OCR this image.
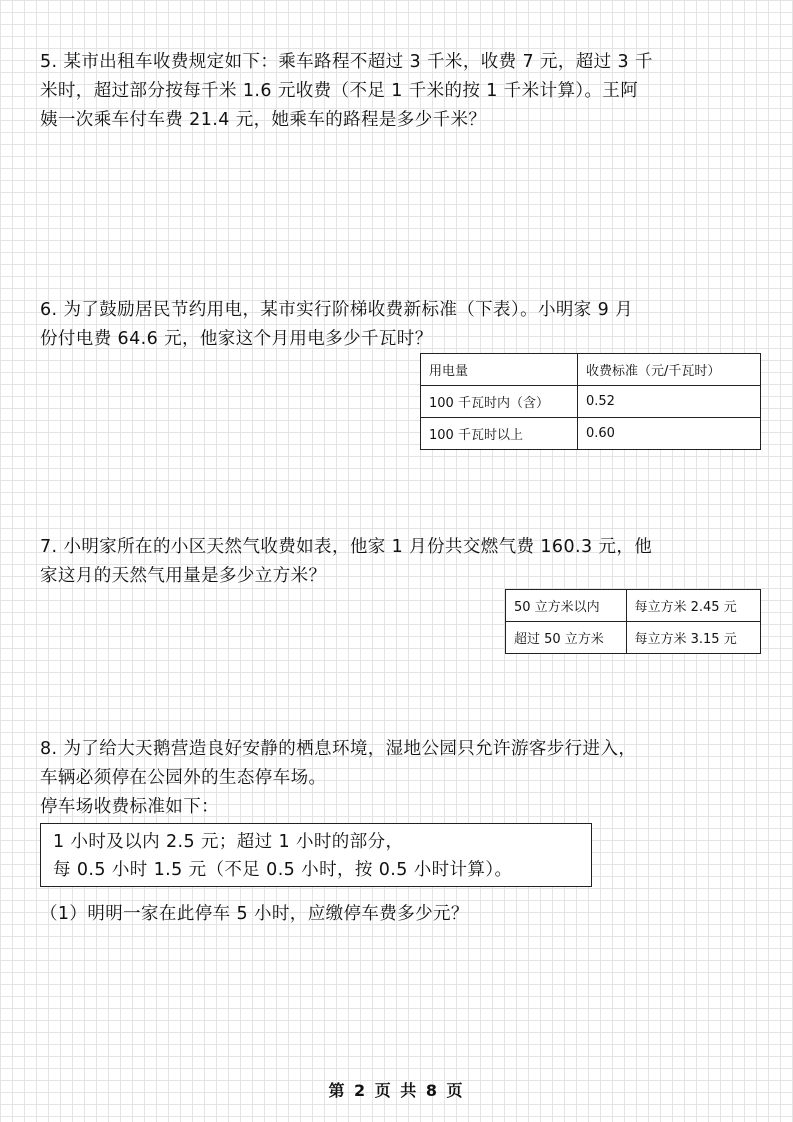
5. 某市出租车收费规定如下：乘车路程不超过 3 千米，收费 7 元，超过 3 千

米时，超过部分按每千米 1.6 元收费（不足 1 千米的按 1 千米计算）。王阿

姨一次乘车付车费 21.4 元，她乘车的路程是多少千米？

6. 为了鼓励居民节约用电，某市实行阶梯收费新标准（下表）。小明家 9 月

份付电费 64.6 元，他家这个月用电多少千瓦时？

用电量	收费标准（元/千瓦时）
100 千瓦时内（含）	0.52
100 千瓦时以上	0.60

7. 小明家所在的小区天然气收费如表，他家 1 月份共交燃气费 160.3 元，他

家这月的天然气用量是多少立方米？

50 立方米以内	每立方米 2.45 元
超过 50 立方米	每立方米 3.15 元

8. 为了给大天鹅营造良好安静的栖息环境，湿地公园只允许游客步行进入，

车辆必须停在公园外的生态停车场。

停车场收费标准如下：

1 小时及以内 2.5 元；超过 1 小时的部分，

每 0.5 小时 1.5 元（不足 0.5 小时，按 0.5 小时计算）。

（1）明明一家在此停车 5 小时，应缴停车费多少元？

第 2 页 共 8 页
